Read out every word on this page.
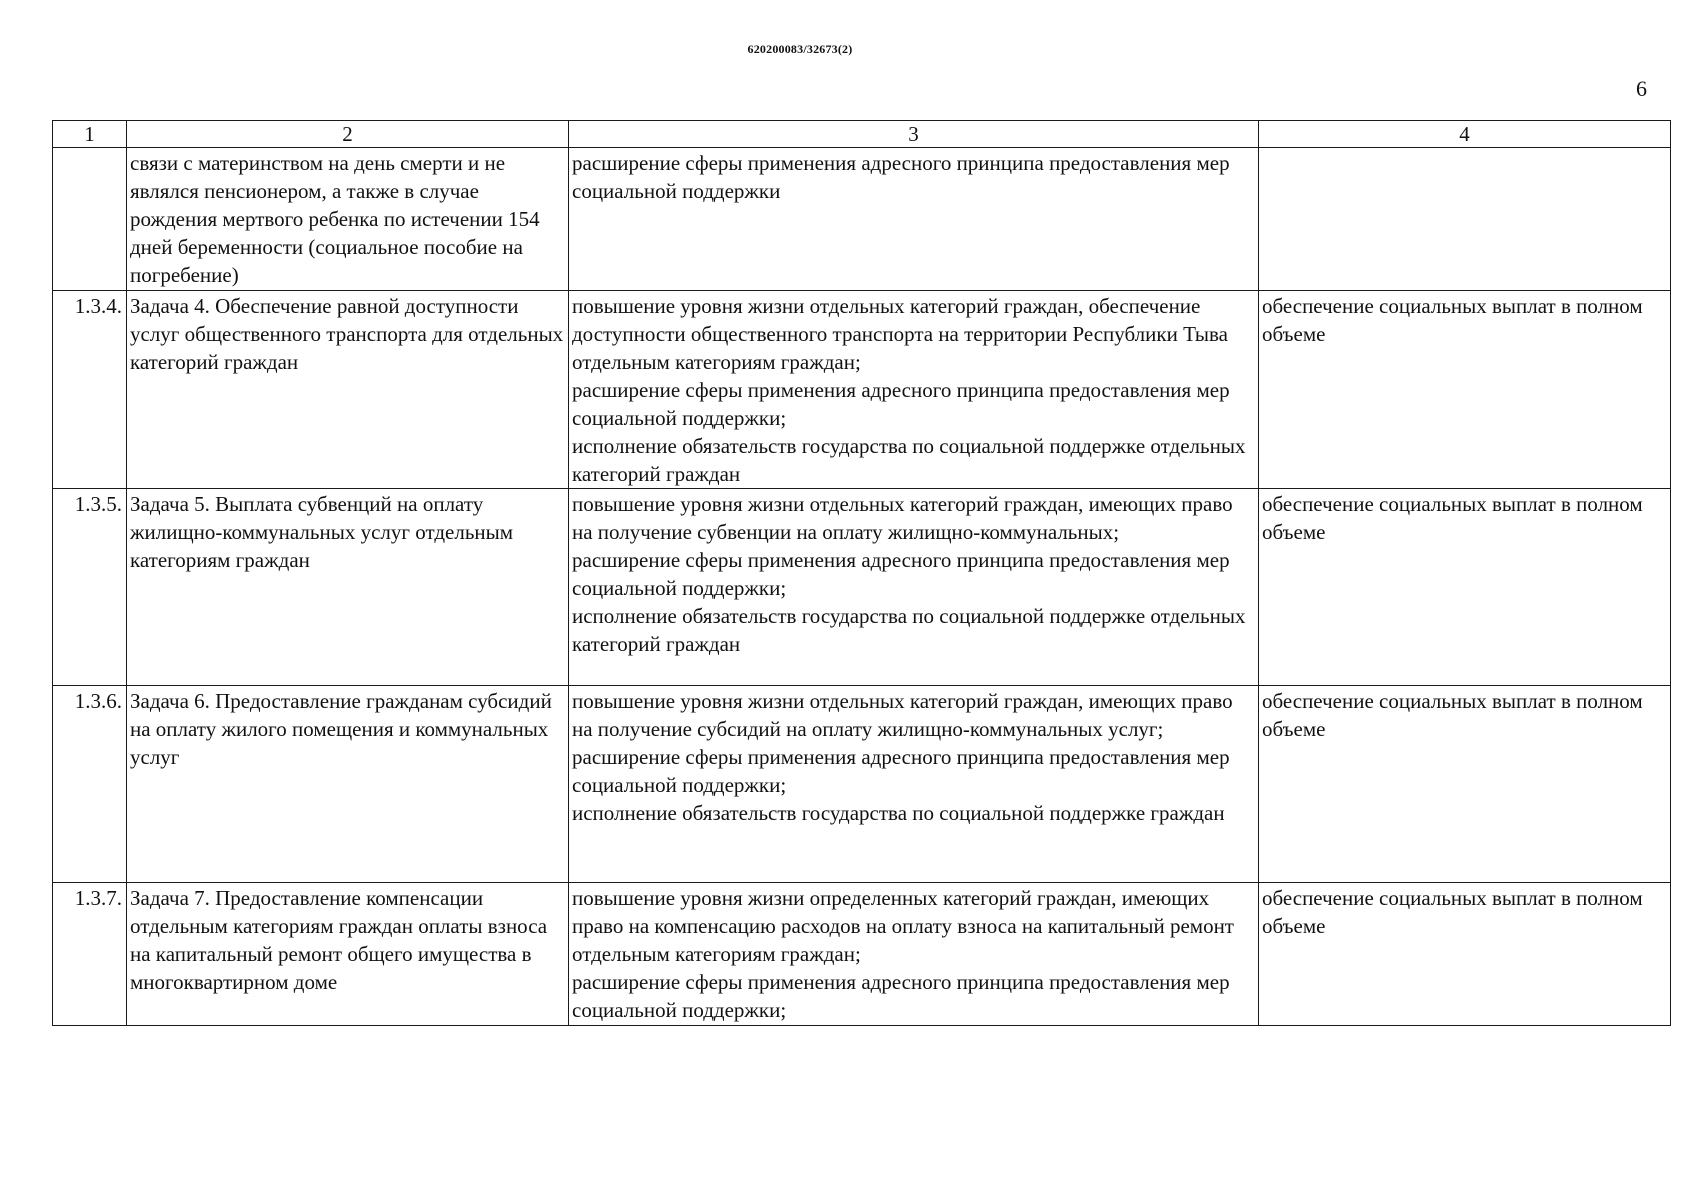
620200083/32673(2)
6
1	2	3	4
	связи с материнством на день смерти и не являлся пенсионером, а также в случае рождения мертвого ребенка по истечении 154 дней беременности (социальное пособие на погребение)	расширение сферы применения адресного принципа предоставления мер социальной поддержки	

1.3.4.	Задача 4. Обеспечение равной доступности услуг общественного транспорта для отдельных категорий граждан	повышение уровня жизни отдельных категорий граждан, обеспечение доступности общественного транспорта на территории Республики Тыва отдельным категориям граждан;
расширение сферы применения адресного принципа предоставления мер социальной поддержки;
исполнение обязательств государства по социальной поддержке отдельных категорий граждан	обеспечение социальных выплат в полном объеме
1.3.5.	Задача 5. Выплата субвенций на оплату жилищно-коммунальных услуг отдельным категориям граждан	повышение уровня жизни отдельных категорий граждан, имеющих право на получение субвенции на оплату жилищно-коммунальных;
расширение сферы применения адресного принципа предоставления мер социальной поддержки;
исполнение обязательств государства по социальной поддержке отдельных категорий граждан	обеспечение социальных выплат в полном объеме
1.3.6.	Задача 6. Предоставление гражданам субсидий на оплату жилого помещения и коммунальных услуг	повышение уровня жизни отдельных категорий граждан, имеющих право на получение субсидий на оплату жилищно-коммунальных услуг;
расширение сферы применения адресного принципа предоставления мер социальной поддержки;
исполнение обязательств государства по социальной поддержке граждан	обеспечение социальных выплат в полном объеме
1.3.7.	Задача 7. Предоставление компенсации отдельным категориям граждан оплаты взноса на капитальный ремонт общего имущества в многоквартирном доме	повышение уровня жизни определенных категорий граждан, имеющих право на компенсацию расходов на оплату взноса на капитальный ремонт отдельным категориям граждан;
расширение сферы применения адресного принципа предоставления мер социальной поддержки;	обеспечение социальных выплат в полном объеме
